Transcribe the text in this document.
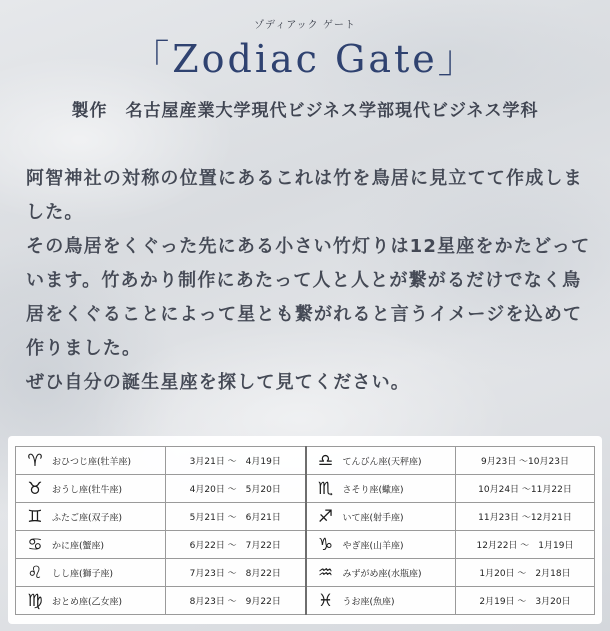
ゾディアック ゲート
「Zodiac Gate」
製作　名古屋産業大学現代ビジネス学部現代ビジネス学科

阿智神社の対称の位置にあるこれは竹を鳥居に見立てて作成しました。

その鳥居をくぐった先にある小さい竹灯りは12星座をかたどっています。竹あかり制作にあたって人と人とが繋がるだけでなく鳥居をくぐることによって星とも繋がれると言うイメージを込めて作りました。

ぜひ自分の誕生星座を探して見てください。

♈ おひつじ座(牡羊座)	3月21日 ～　4月19日	♎ てんびん座(天秤座)	9月23日 ～10月23日
♉ おうし座(牡牛座)	4月20日 ～　5月20日	♏ さそり座(蠍座)	10月24日 ～11月22日
♊ ふたご座(双子座)	5月21日 ～　6月21日	♐ いて座(射手座)	11月23日 ～12月21日
♋ かに座(蟹座)	6月22日 ～　7月22日	♑ やぎ座(山羊座)	12月22日 ～　1月19日
♌ しし座(獅子座)	7月23日 ～　8月22日	♒ みずがめ座(水瓶座)	1月20日 ～　2月18日
♍ おとめ座(乙女座)	8月23日 ～　9月22日	♓ うお座(魚座)	2月19日 ～　3月20日
